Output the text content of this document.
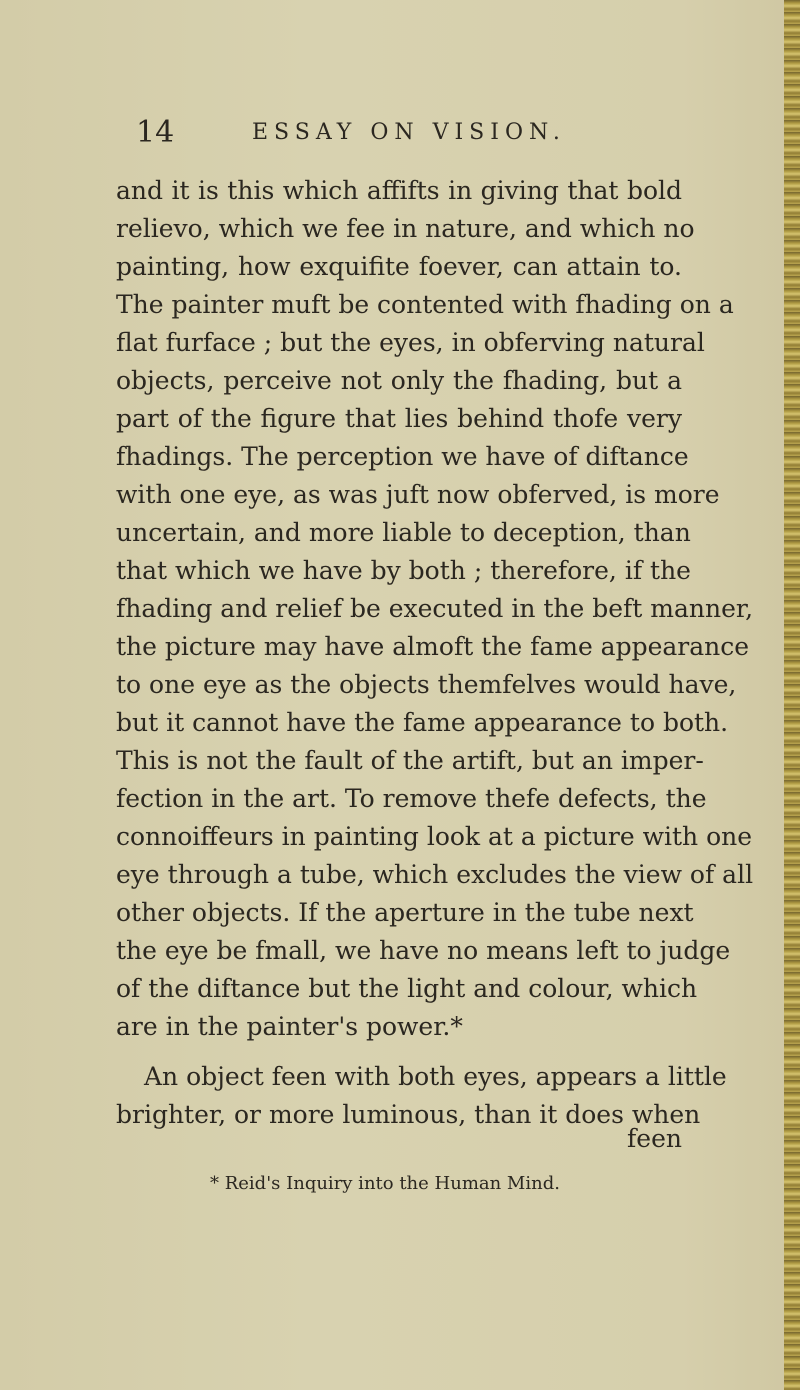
14	ESSAY ON VISION.
and it is this which affifts in giving that bold
relievo, which we fee in nature, and which no
painting, how exquifite foever, can attain to.
The painter muft be contented with fhading on a
flat furface ; but the eyes, in obferving natural
objects, perceive not only the fhading, but a
part of the figure that lies behind thofe very
fhadings. The perception we have of diftance
with one eye, as was juft now obferved, is more
uncertain, and more liable to deception, than
that which we have by both ; therefore, if the
fhading and relief be executed in the beft manner,
the picture may have almoft the fame appearance
to one eye as the objects themfelves would have,
but it cannot have the fame appearance to both.
This is not the fault of the artift, but an imper-
fection in the art. To remove thefe defects, the
connoiffeurs in painting look at a picture with one
eye through a tube, which excludes the view of all
other objects. If the aperture in the tube next
the eye be fmall, we have no means left to judge
of the diftance but the light and colour, which
are in the painter's power.*
An object feen with both eyes, appears a little
brighter, or more luminous, than it does when
feen
* Reid's Inquiry into the Human Mind.
